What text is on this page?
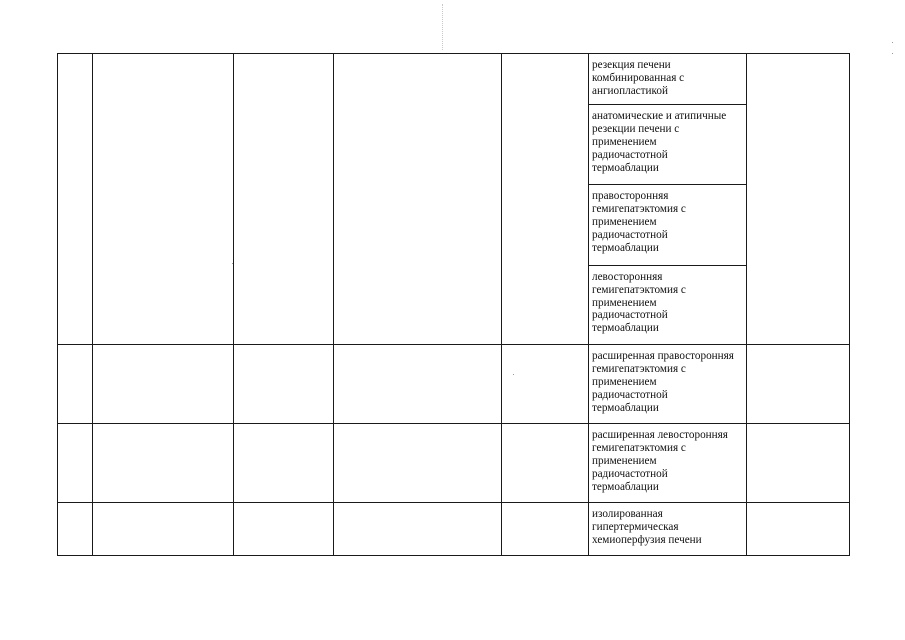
					резекция печени
комбинированная с
ангиопластикой	
					анатомические и атипичные
резекции печени с
применением
радиочастотной
термоаблации	
					правосторонняя
гемигепатэктомия с
применением
радиочастотной
термоаблации	
					левосторонняя
гемигепатэктомия с
применением
радиочастотной
термоаблации	
					расширенная правосторонняя
гемигепатэктомия с
применением
радиочастотной
термоаблации	
					расширенная левосторонняя
гемигепатэктомия с
применением
радиочастотной
термоаблации	
					изолированная
гипертермическая
хемиоперфузия печени	
